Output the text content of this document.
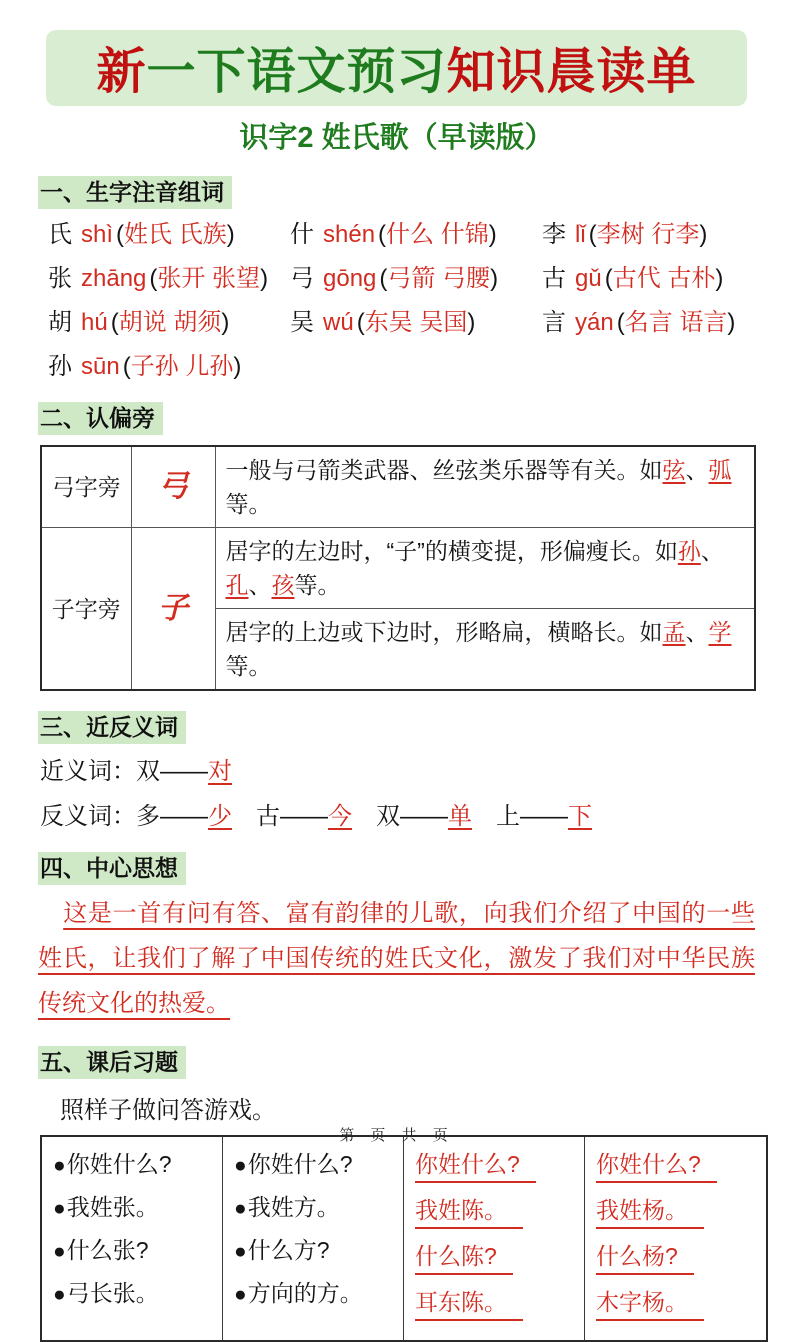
新一下语文预习知识晨读单
识字2 姓氏歌（早读版）
一、生字注音组词
氏 shì (姓氏 氏族)	什 shén (什么 什锦)	李 lǐ (李树 行李)
张 zhāng (张开 张望) 弓 gōng (弓箭 弓腰)	古 gǔ (古代 古朴)
胡 hú (胡说 胡须)	吴 wú (东吴 吴国)	言 yán (名言 语言)
孙 sūn (子孙 儿孙)
二、认偏旁
弓字旁	弓	一般与弓箭类武器、丝弦类乐器等有关。如弦、弧等。
子字旁	子	居字的左边时，“子”的横变提，形偏瘦长。如孙、孔、孩等。
		居字的上边或下边时，形略扁，横略长。如孟、学等。
三、近反义词
近义词：双——对
反义词：多——少　古——今　双——单　上——下
四、中心思想
这是一首有问有答、富有韵律的儿歌，向我们介绍了中国的一些姓氏，让我们了解了中国传统的姓氏文化，激发了我们对中华民族传统文化的热爱。
五、课后习题
照样子做问答游戏。
●你姓什么?
●我姓张。
●什么张?
●弓长张。
●你姓什么?
●我姓方。
●什么方?
●方向的方。
你姓什么?
我姓陈。
什么陈?
耳东陈。
你姓什么?
我姓杨。
什么杨?
木字杨。
第 页 共 页
